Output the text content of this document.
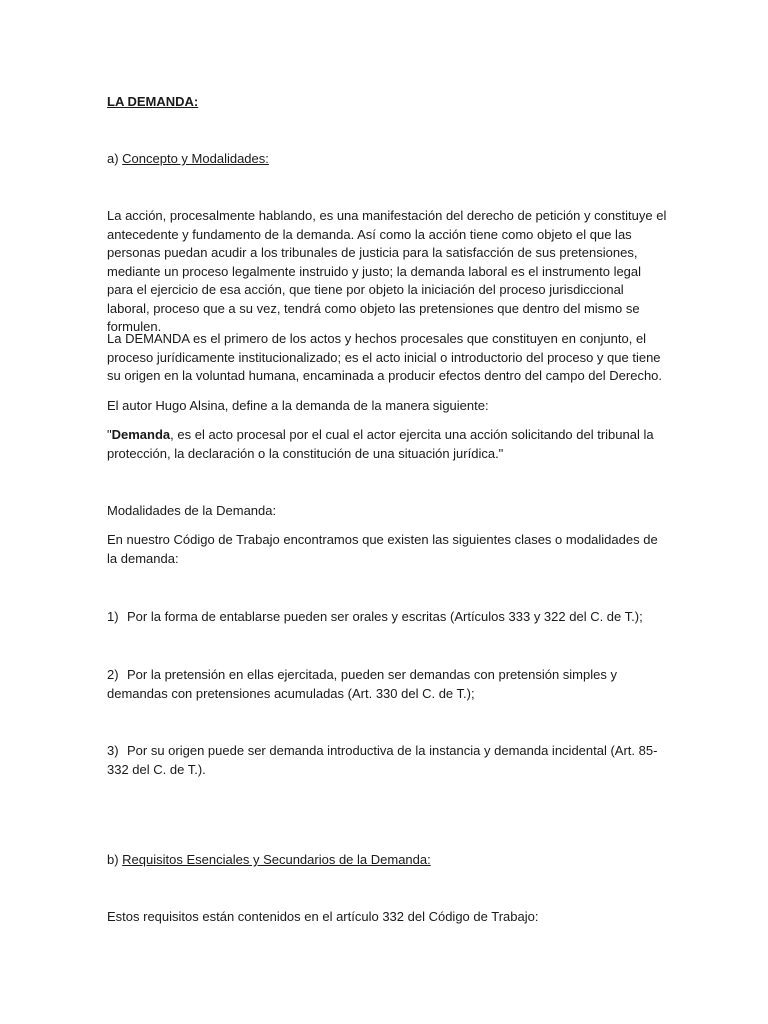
LA DEMANDA:

a) Concepto y Modalidades:

La acción, procesalmente hablando, es una manifestación del derecho de petición y constituye el antecedente y fundamento de la demanda. Así como la acción tiene como objeto el que las personas puedan acudir a los tribunales de justicia para la satisfacción de sus pretensiones, mediante un proceso legalmente instruido y justo; la demanda laboral es el instrumento legal para el ejercicio de esa acción, que tiene por objeto la iniciación del proceso jurisdiccional laboral, proceso que a su vez, tendrá como objeto las pretensiones que dentro del mismo se formulen.

La DEMANDA es el primero de los actos y hechos procesales que constituyen en conjunto, el proceso jurídicamente institucionalizado; es el acto inicial o introductorio del proceso y que tiene su origen en la voluntad humana, encaminada a producir efectos dentro del campo del Derecho.

El autor Hugo Alsina, define a la demanda de la manera siguiente:

"Demanda, es el acto procesal por el cual el actor ejercita una acción solicitando del tribunal la protección, la declaración o la constitución de una situación jurídica."

Modalidades de la Demanda:

En nuestro Código de Trabajo encontramos que existen las siguientes clases o modalidades de la demanda:

1) Por la forma de entablarse pueden ser orales y escritas (Artículos 333 y 322 del C. de T.);

2) Por la pretensión en ellas ejercitada, pueden ser demandas con pretensión simples y demandas con pretensiones acumuladas (Art. 330 del C. de T.);

3) Por su origen puede ser demanda introductiva de la instancia y demanda incidental (Art. 85-332 del C. de T.).

b) Requisitos Esenciales y Secundarios de la Demanda:

Estos requisitos están contenidos en el artículo 332 del Código de Trabajo:
